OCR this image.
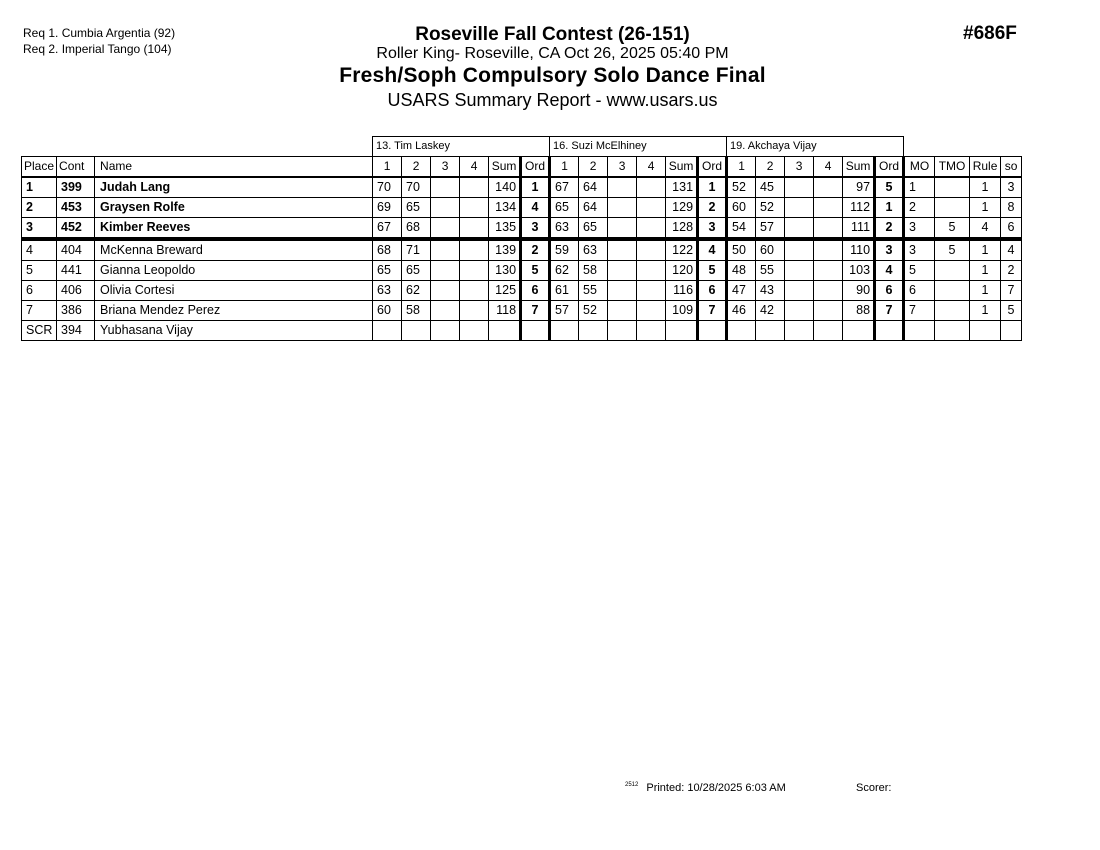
Req 1. Cumbia Argentia (92)
Req 2. Imperial Tango (104)
Roseville Fall Contest (26-151)
Roller King- Roseville, CA Oct 26, 2025 05:40 PM
Fresh/Soph Compulsory Solo Dance Final
USARS Summary Report - www.usars.us
#686F
			13. Tim Laskey						16. Suzi McElhiney						19. Akchaya Vijay									
Place	Cont	Name	1	2	3	4	Sum	Ord	1	2	3	4	Sum	Ord	1	2	3	4	Sum	Ord	MO	TMO	Rule	so
1	399	Judah Lang	70	70			140	1	67	64			131	1	52	45			97	5	1		1	3
2	453	Graysen Rolfe	69	65			134	4	65	64			129	2	60	52			112	1	2		1	8
3	452	Kimber Reeves	67	68			135	3	63	65			128	3	54	57			111	2	3	5	4	6
4	404	McKenna Breward	68	71			139	2	59	63			122	4	50	60			110	3	3	5	1	4
5	441	Gianna Leopoldo	65	65			130	5	62	58			120	5	48	55			103	4	5		1	2
6	406	Olivia Cortesi	63	62			125	6	61	55			116	6	47	43			90	6	6		1	7
7	386	Briana Mendez Perez	60	58			118	7	57	52			109	7	46	42			88	7	7		1	5
SCR	394	Yubhasana Vijay																						
$^{2512}$ Printed: 10/28/2025 6:03 AM	Scorer:
